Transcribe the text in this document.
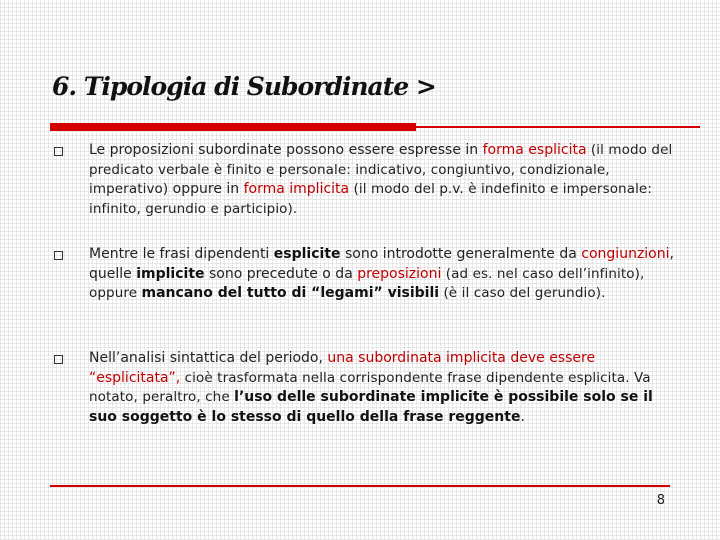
6. Tipologia di Subordinate >
Le proposizioni subordinate possono essere espresse in forma esplicita (il modo del predicato verbale è finito e personale: indicativo, congiuntivo, condizionale, imperativo) oppure in forma implicita (il modo del p.v. è indefinito e impersonale: infinito, gerundio e participio).
Mentre le frasi dipendenti esplicite sono introdotte generalmente da congiunzioni, quelle implicite sono precedute o da preposizioni (ad es. nel caso dell’infinito), oppure mancano del tutto di “legami” visibili (è il caso del gerundio).
Nell’analisi sintattica del periodo, una subordinata implicita deve essere “esplicitata”, cioè trasformata nella corrispondente frase dipendente esplicita. Va notato, peraltro, che l’uso delle subordinate implicite è possibile solo se il suo soggetto è lo stesso di quello della frase reggente.
8
